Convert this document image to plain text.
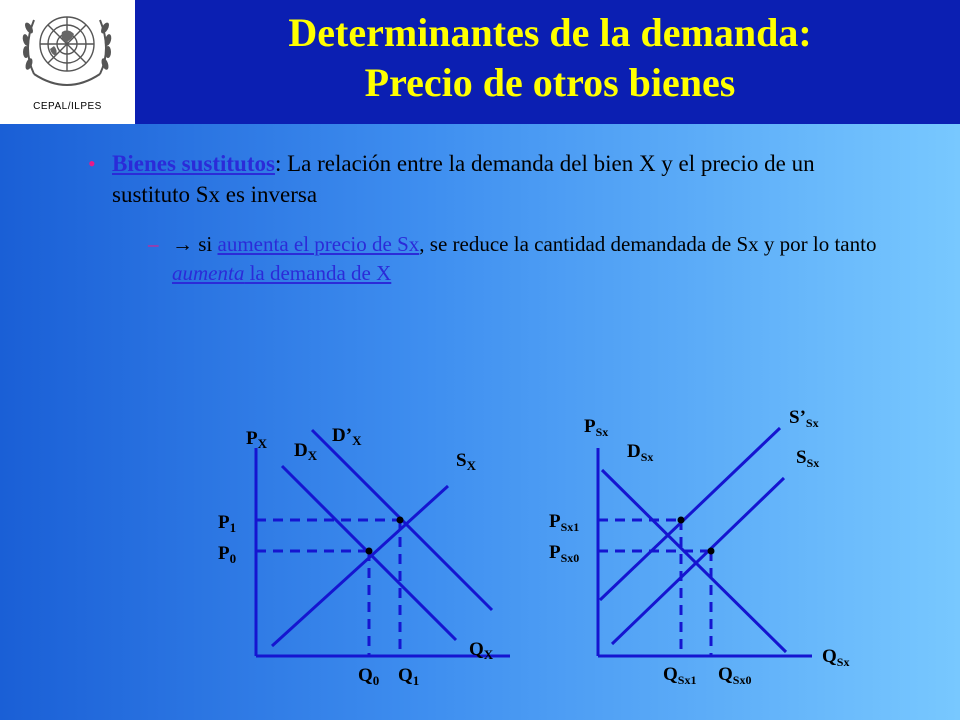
CEPAL/ILPES
Determinantes de la demanda:
Precio de otros bienes
• Bienes sustitutos: La relación entre la demanda del bien X y el precio de un sustituto Sx es inversa
– → si aumenta el precio de Sx, se reduce la cantidad demandada de Sx y por lo tanto aumenta la demanda de X
$P_X$ $D_X$
$D’_X$
$S_X$
$P_1$
$P_0$
$Q_X$
$Q_0$ $Q_1$
$P_{Sx}$
$D_{Sx}$
$S’_{Sx}$
$S_{Sx}$
$P_{Sx1}$
$P_{Sx0}$
$Q_{Sx}$
$Q_{Sx1}$ $Q_{Sx0}$
